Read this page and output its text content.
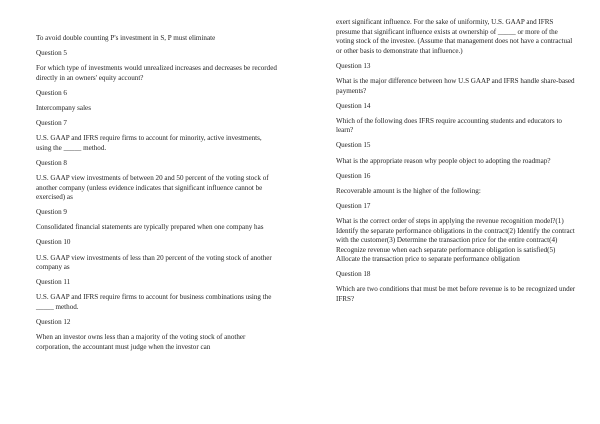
To avoid double counting P's investment in S, P must eliminate

Question 5

For which type of investments would unrealized increases and decreases be recorded directly in an owners' equity account?

Question 6

Intercompany sales

Question 7

U.S. GAAP and IFRS require firms to account for minority, active investments, using the _____ method.

Question 8

U.S. GAAP view investments of between 20 and 50 percent of the voting stock of another company (unless evidence indicates that significant influence cannot be exercised) as

Question 9

Consolidated financial statements are typically prepared when one company has

Question 10

U.S. GAAP view investments of less than 20 percent of the voting stock of another company as

Question 11

U.S. GAAP and IFRS require firms to account for business combinations using the _____ method.

Question 12

When an investor owns less than a majority of the voting stock of another corporation, the accountant must judge when the investor can

exert significant influence. For the sake of uniformity, U.S. GAAP and IFRS presume that significant influence exists at ownership of _____ or more of the voting stock of the investee. (Assume that management does not have a contractual or other basis to demonstrate that influence.)

Question 13

What is the major difference between how U.S GAAP and IFRS handle share-based payments?

Question 14

Which of the following does IFRS require accounting students and educators to learn?

Question 15

What is the appropriate reason why people object to adopting the roadmap?

Question 16

Recoverable amount is the higher of the following:

Question 17

What is the correct order of steps in applying the revenue recognition model?(1) Identify the separate performance obligations in the contract(2) Identify the contract with the customer(3) Determine the transaction price for the entire contract(4) Recognize revenue when each separate performance obligation is satisfied(5) Allocate the transaction price to separate performance obligation

Question 18

Which are two conditions that must be met before revenue is to be recognized under IFRS?
